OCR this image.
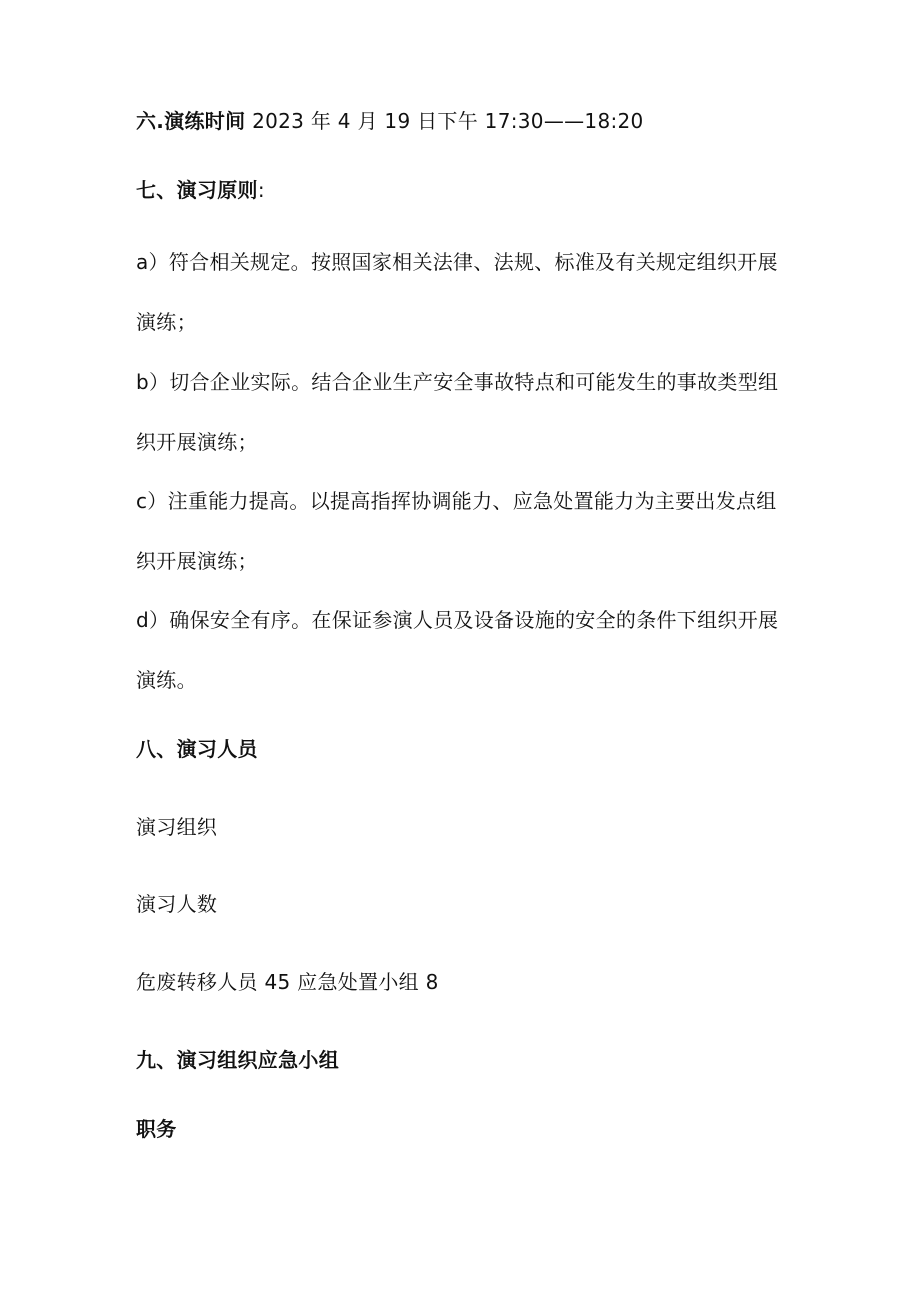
六.演练时间 2023 年 4 月 19 日下午 17:30——18:20
七、演习原则:
a）符合相关规定。按照国家相关法律、法规、标准及有关规定组织开展演练；
b）切合企业实际。结合企业生产安全事故特点和可能发生的事故类型组织开展演练；
c）注重能力提高。以提高指挥协调能力、应急处置能力为主要出发点组织开展演练；
d）确保安全有序。在保证参演人员及设备设施的安全的条件下组织开展演练。
八、演习人员
演习组织
演习人数
危废转移人员 45 应急处置小组 8
九、演习组织应急小组
职务
